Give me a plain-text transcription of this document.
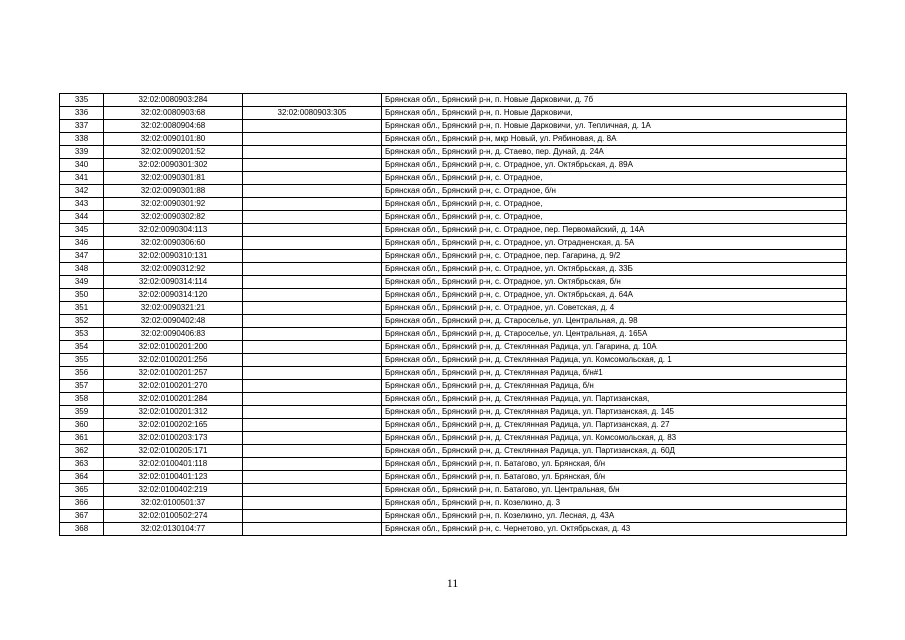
335	32:02:0080903:284		Брянская обл., Брянский р-н, п. Новые Дарковичи, д. 7б
336	32:02:0080903:68	32:02:0080903:305	Брянская обл., Брянский р-н, п. Новые Дарковичи,
337	32:02:0080904:68		Брянская обл., Брянский р-н, п. Новые Дарковичи, ул. Тепличная, д. 1А
338	32:02:0090101:80		Брянская обл., Брянский р-н, мкр Новый, ул. Рябиновая, д. 8А
339	32:02:0090201:52		Брянская обл., Брянский р-н, д. Стаево, пер. Дунай, д. 24А
340	32:02:0090301:302		Брянская обл., Брянский р-н, с. Отрадное, ул. Октябрьская, д. 89А
341	32:02:0090301:81		Брянская обл., Брянский р-н, с. Отрадное,
342	32:02:0090301:88		Брянская обл., Брянский р-н, с. Отрадное, б/н
343	32:02:0090301:92		Брянская обл., Брянский р-н, с. Отрадное,
344	32:02:0090302:82		Брянская обл., Брянский р-н, с. Отрадное,
345	32:02:0090304:113		Брянская обл., Брянский р-н, с. Отрадное, пер. Первомайский, д. 14А
346	32:02:0090306:60		Брянская обл., Брянский р-н, с. Отрадное, ул. Отрадненская, д. 5А
347	32:02:0090310:131		Брянская обл., Брянский р-н, с. Отрадное, пер. Гагарина, д. 9/2
348	32:02:0090312:92		Брянская обл., Брянский р-н, с. Отрадное, ул. Октябрьская, д. 33Б
349	32:02:0090314:114		Брянская обл., Брянский р-н, с. Отрадное, ул. Октябрьская, б/н
350	32:02:0090314:120		Брянская обл., Брянский р-н, с. Отрадное, ул. Октябрьская, д. 64А
351	32:02:0090321:21		Брянская обл., Брянский р-н, с. Отрадное, ул. Советская, д. 4
352	32:02:0090402:48		Брянская обл., Брянский р-н, д. Староселье, ул. Центральная, д. 98
353	32:02:0090406:83		Брянская обл., Брянский р-н, д. Староселье, ул. Центральная, д. 165А
354	32:02:0100201:200		Брянская обл., Брянский р-н, д. Стеклянная Радица, ул. Гагарина, д. 10А
355	32:02:0100201:256		Брянская обл., Брянский р-н, д. Стеклянная Радица, ул. Комсомольская, д. 1
356	32:02:0100201:257		Брянская обл., Брянский р-н, д. Стеклянная Радица, б/н#1
357	32:02:0100201:270		Брянская обл., Брянский р-н, д. Стеклянная Радица, б/н
358	32:02:0100201:284		Брянская обл., Брянский р-н, д. Стеклянная Радица, ул. Партизанская,
359	32:02:0100201:312		Брянская обл., Брянский р-н, д. Стеклянная Радица, ул. Партизанская, д. 145
360	32:02:0100202:165		Брянская обл., Брянский р-н, д. Стеклянная Радица, ул. Партизанская, д. 27
361	32:02:0100203:173		Брянская обл., Брянский р-н, д. Стеклянная Радица, ул. Комсомольская, д. 83
362	32:02:0100205:171		Брянская обл., Брянский р-н, д. Стеклянная Радица, ул. Партизанская, д. 60Д
363	32:02:0100401:118		Брянская обл., Брянский р-н, п. Батагово, ул. Брянская, б/н
364	32:02:0100401:123		Брянская обл., Брянский р-н, п. Батагово, ул. Брянская, б/н
365	32:02:0100402:219		Брянская обл., Брянский р-н, п. Батагово, ул. Центральная, б/н
366	32:02:0100501:37		Брянская обл., Брянский р-н, п. Козелкино, д. 3
367	32:02:0100502:274		Брянская обл., Брянский р-н, п. Козелкино, ул. Лесная, д. 43А
368	32:02:0130104:77		Брянская обл., Брянский р-н, с. Чернетово, ул. Октябрьская, д. 43
11
